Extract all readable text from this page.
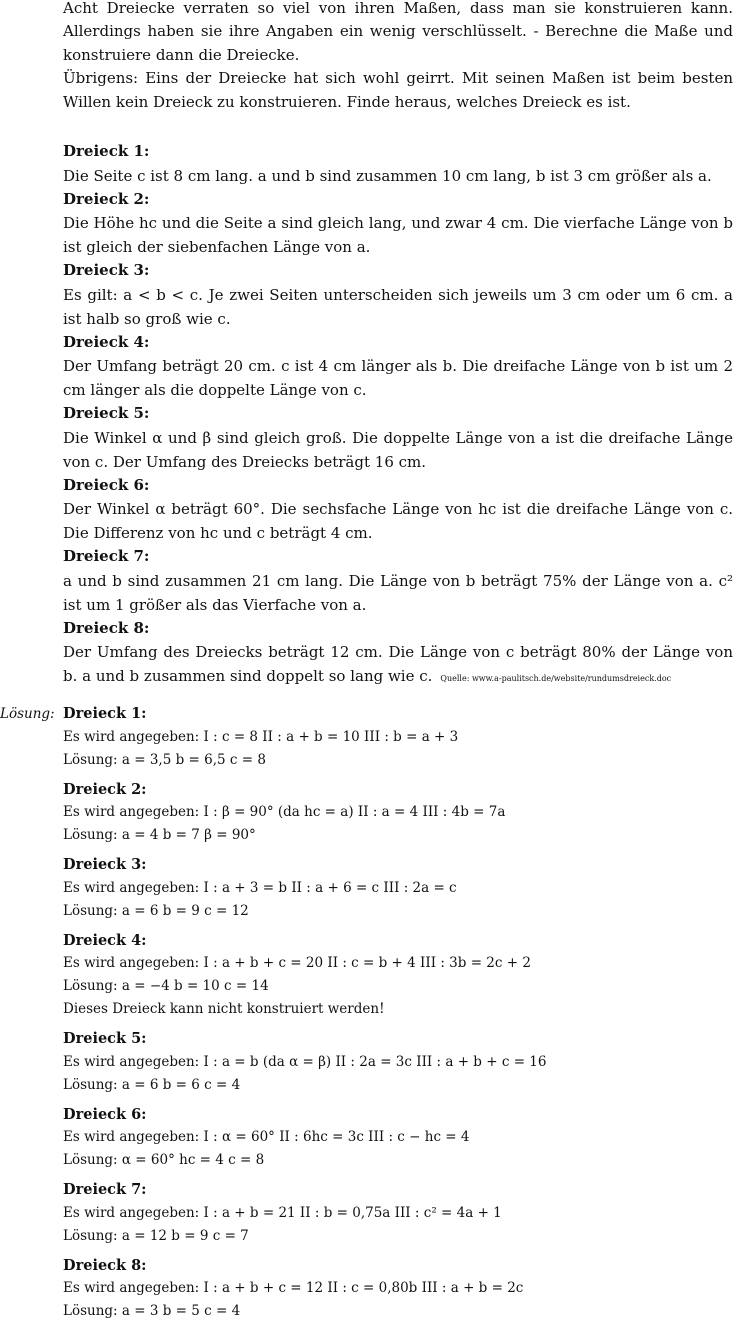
Acht Dreiecke verraten so viel von ihren Maßen, dass man sie konstruieren kann. Allerdings haben sie ihre Angaben ein wenig verschlüsselt. - Berechne die Maße und konstruiere dann die Dreiecke.

Übrigens: Eins der Dreiecke hat sich wohl geirrt. Mit seinen Maßen ist beim besten Willen kein Dreieck zu konstruieren. Finde heraus, welches Dreieck es ist.

Dreieck 1:
Die Seite c ist 8 cm lang. a und b sind zusammen 10 cm lang, b ist 3 cm größer als a.
Dreieck 2:
Die Höhe hc und die Seite a sind gleich lang, und zwar 4 cm. Die vierfache Länge von b ist gleich der siebenfachen Länge von a.
Dreieck 3:
Es gilt: a < b < c. Je zwei Seiten unterscheiden sich jeweils um 3 cm oder um 6 cm. a ist halb so groß wie c.
Dreieck 4:
Der Umfang beträgt 20 cm. c ist 4 cm länger als b. Die dreifache Länge von b ist um 2 cm länger als die doppelte Länge von c.
Dreieck 5:
Die Winkel α und β sind gleich groß. Die doppelte Länge von a ist die dreifache Länge von c. Der Umfang des Dreiecks beträgt 16 cm.
Dreieck 6:
Der Winkel α beträgt 60°. Die sechsfache Länge von hc ist die dreifache Länge von c. Die Differenz von hc und c beträgt 4 cm.
Dreieck 7:
a und b sind zusammen 21 cm lang. Die Länge von b beträgt 75% der Länge von a. c² ist um 1 größer als das Vierfache von a.
Dreieck 8:
Der Umfang des Dreiecks beträgt 12 cm. Die Länge von c beträgt 80% der Länge von b. a und b zusammen sind doppelt so lang wie c. Quelle: www.a-paulitsch.de/website/rundumsdreieck.doc
Lösung: Dreieck 1:
Es wird angegeben: I : c = 8 II : a + b = 10 III : b = a + 3
Lösung: a = 3,5 b = 6,5 c = 8
Dreieck 2:
Es wird angegeben: I : β = 90° (da hc = a) II : a = 4 III : 4b = 7a
Lösung: a = 4 b = 7 β = 90°
Dreieck 3:
Es wird angegeben: I : a + 3 = b II : a + 6 = c III : 2a = c
Lösung: a = 6 b = 9 c = 12
Dreieck 4:
Es wird angegeben: I : a + b + c = 20 II : c = b + 4 III : 3b = 2c + 2
Lösung: a = −4 b = 10 c = 14
Dieses Dreieck kann nicht konstruiert werden!
Dreieck 5:
Es wird angegeben: I : a = b (da α = β) II : 2a = 3c III : a + b + c = 16
Lösung: a = 6 b = 6 c = 4
Dreieck 6:
Es wird angegeben: I : α = 60° II : 6hc = 3c III : c − hc = 4
Lösung: α = 60° hc = 4 c = 8
Dreieck 7:
Es wird angegeben: I : a + b = 21 II : b = 0,75a III : c² = 4a + 1
Lösung: a = 12 b = 9 c = 7
Dreieck 8:
Es wird angegeben: I : a + b + c = 12 II : c = 0,80b III : a + b = 2c
Lösung: a = 3 b = 5 c = 4
